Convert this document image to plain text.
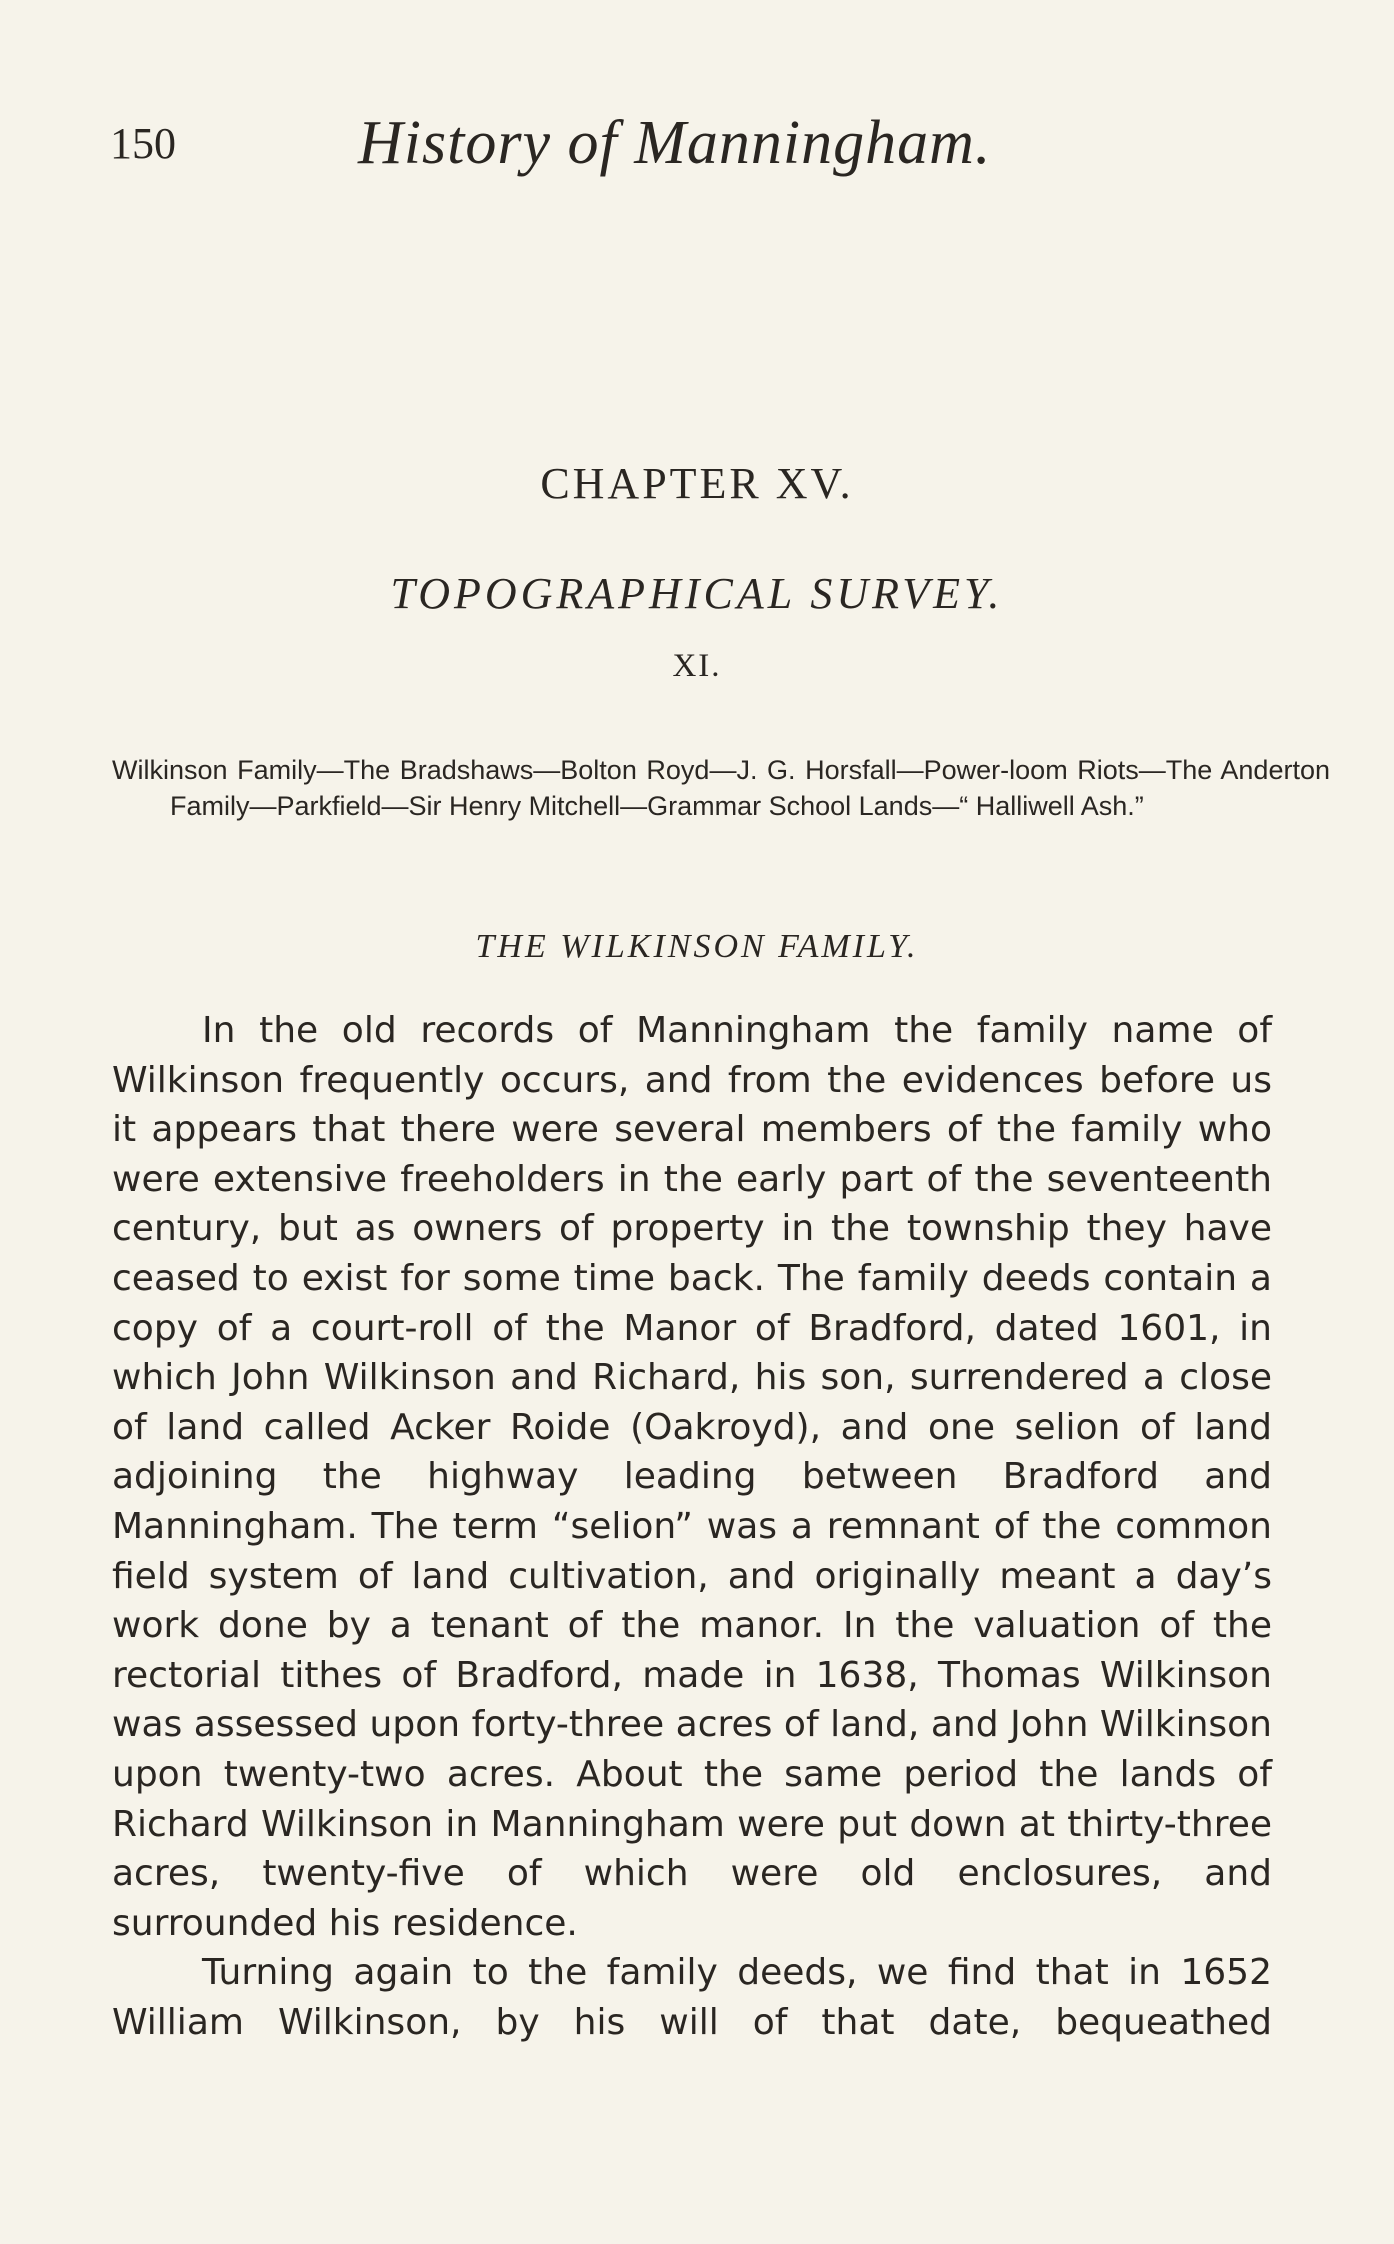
150	History of Manningham.
CHAPTER XV.
TOPOGRAPHICAL SURVEY.
XI.

Wilkinson Family—The Bradshaws—Bolton Royd—J. G. Horsfall—Power-loom Riots—The Anderton Family—Parkfield—Sir Henry Mitchell—Grammar School Lands—“ Halliwell Ash.”

THE WILKINSON FAMILY.

In the old records of Manningham the family name of Wilkinson frequently occurs, and from the evidences before us it appears that there were several members of the family who were extensive freeholders in the early part of the seventeenth century, but as owners of property in the township they have ceased to exist for some time back. The family deeds contain a copy of a court-roll of the Manor of Bradford, dated 1601, in which John Wilkinson and Richard, his son, surrendered a close of land called Acker Roide (Oakroyd), and one selion of land adjoining the highway leading between Bradford and Manningham. The term “selion” was a remnant of the common field system of land cultivation, and originally meant a day’s work done by a tenant of the manor. In the valuation of the rectorial tithes of Bradford, made in 1638, Thomas Wilkinson was assessed upon forty-three acres of land, and John Wilkinson upon twenty-two acres. About the same period the lands of Richard Wilkinson in Manningham were put down at thirty-three acres, twenty-five of which were old enclosures, and surrounded his residence.

Turning again to the family deeds, we find that in 1652 William Wilkinson, by his will of that date, bequeathed
